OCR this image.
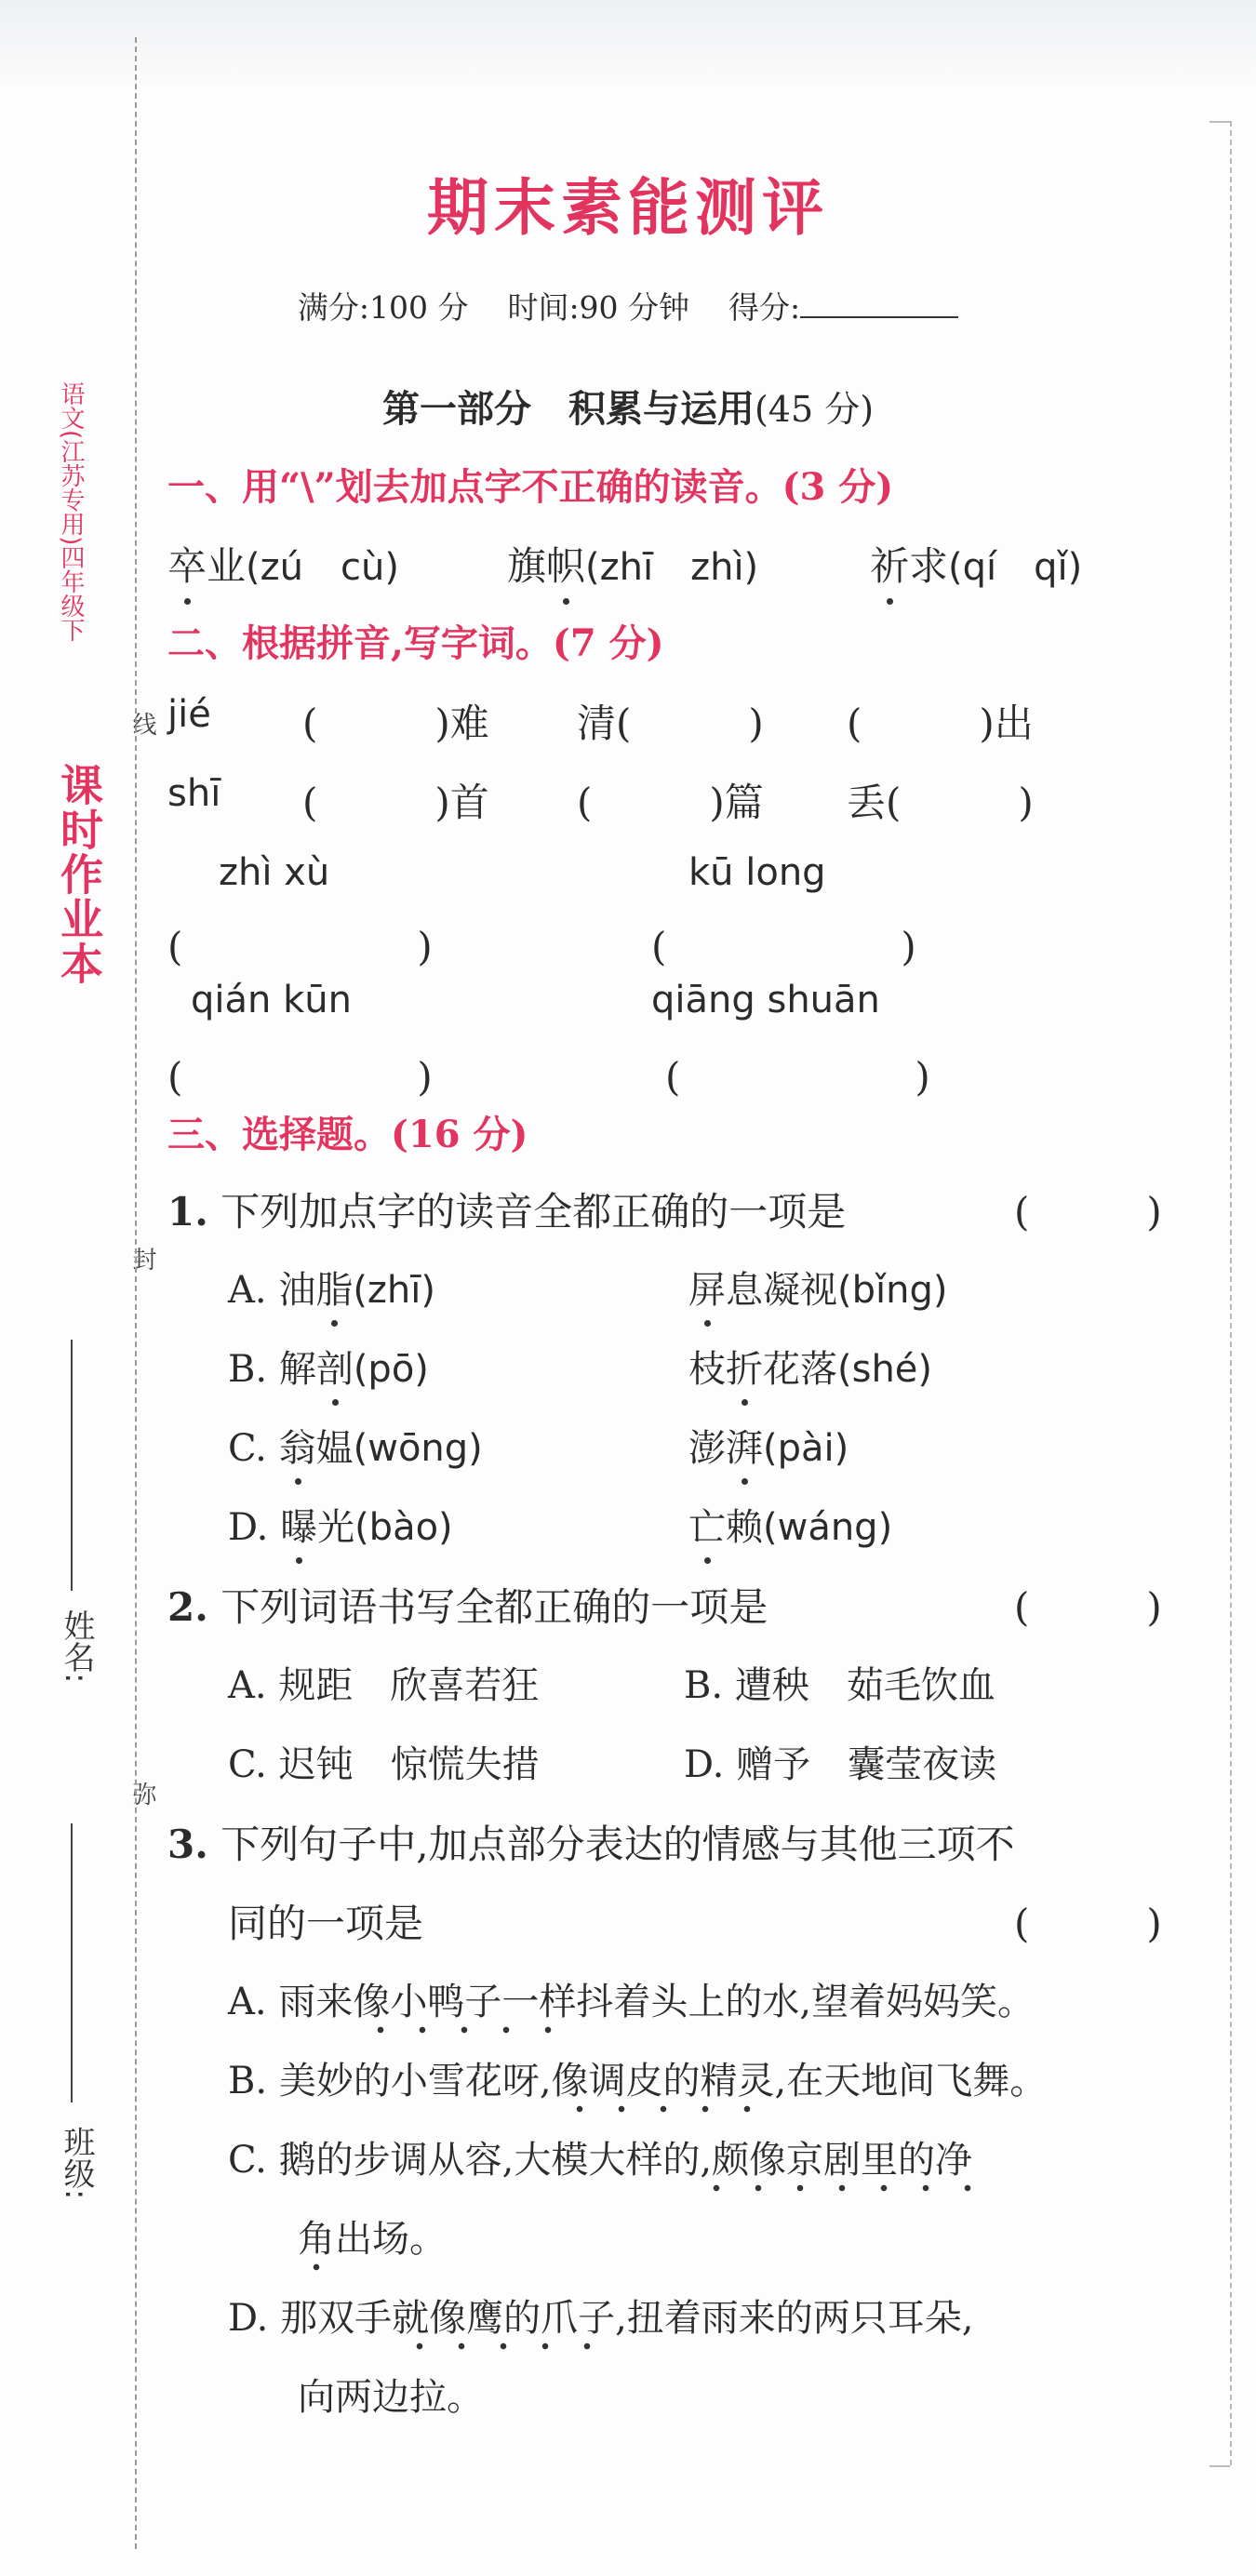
语文(江苏专用)四年级下
课时作业本
线
封
弥
姓名:
班级:
期末素能测评
满分:100 分 时间:90 分钟 得分:
第一部分　积累与运用(45 分)
一、用“\”划去加点字不正确的读音。(3 分)
卒业(zú　cù)	旗帜(zhī　zhì)	祈求(qí　qǐ)
二、根据拼音,写字词。(7 分)
jié (　　　)难 清(　　　) (　　　)出
shī (　　　)首 (　　　)篇 丢(　　　)
zhì xù
(　　　　　　)
kū long
(　　　　　　)
qián kūn
(　　　　　　)
qiāng shuān
(　　　　　　)
三、选择题。(16 分)
1. 下列加点字的读音全都正确的一项是	(　　　)
A. 油脂(zhī)	屏息凝视(bǐng)
B. 解剖(pō)	枝折花落(shé)
C. 翁媪(wōng)	澎湃(pài)
D. 曝光(bào)	亡赖(wáng)
2. 下列词语书写全都正确的一项是	(　　　)
A. 规距　欣喜若狂	B. 遭秧　茹毛饮血
C. 迟钝　惊慌失措	D. 赠予　囊莹夜读
3. 下列句子中,加点部分表达的情感与其他三项不
同的一项是	(　　　)
A. 雨来像小鸭子一样抖着头上的水,望着妈妈笑。
B. 美妙的小雪花呀,像调皮的精灵,在天地间飞舞。
C. 鹅的步调从容,大模大样的,颇像京剧里的净
角出场。
D. 那双手就像鹰的爪子,扭着雨来的两只耳朵,
向两边拉。
